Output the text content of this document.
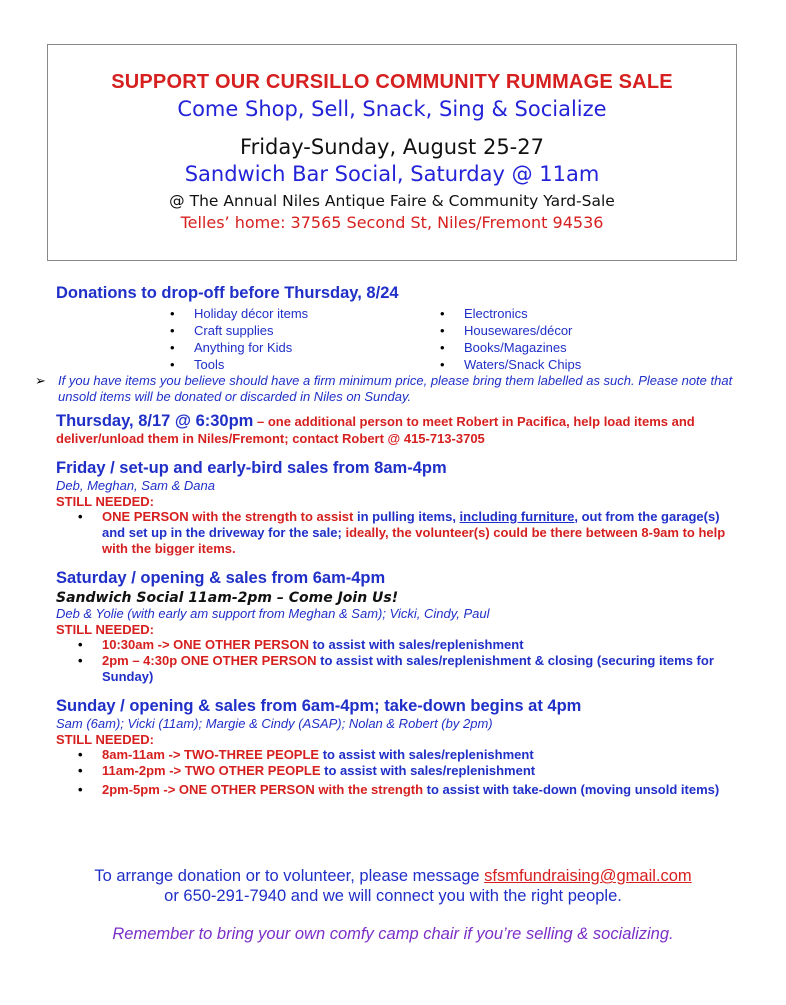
SUPPORT OUR CURSILLO COMMUNITY RUMMAGE SALE
Come Shop, Sell, Snack, Sing & Socialize
Friday-Sunday, August 25-27
Sandwich Bar Social, Saturday @ 11am
@ The Annual Niles Antique Faire & Community Yard-Sale
Telles’ home: 37565 Second St, Niles/Fremont 94536
Donations to drop-off before Thursday, 8/24
• Holiday décor items	• Electronics
• Craft supplies	• Housewares/décor
• Anything for Kids	• Books/Magazines
• Tools	• Waters/Snack Chips
➢ If you have items you believe should have a firm minimum price, please bring them labelled as such. Please note that unsold items will be donated or discarded in Niles on Sunday.
Thursday, 8/17 @ 6:30pm – one additional person to meet Robert in Pacifica, help load items and deliver/unload them in Niles/Fremont; contact Robert @ 415-713-3705
Friday / set-up and early-bird sales from 8am-4pm
Deb, Meghan, Sam & Dana
STILL NEEDED:
• ONE PERSON with the strength to assist in pulling items, including furniture, out from the garage(s) and set up in the driveway for the sale; ideally, the volunteer(s) could be there between 8-9am to help with the bigger items.
Saturday / opening & sales from 6am-4pm
Sandwich Social 11am-2pm – Come Join Us!
Deb & Yolie (with early am support from Meghan & Sam); Vicki, Cindy, Paul
STILL NEEDED:
• 10:30am -> ONE OTHER PERSON to assist with sales/replenishment
• 2pm – 4:30p ONE OTHER PERSON to assist with sales/replenishment & closing (securing items for Sunday)
Sunday / opening & sales from 6am-4pm; take-down begins at 4pm
Sam (6am); Vicki (11am); Margie & Cindy (ASAP); Nolan & Robert (by 2pm)
STILL NEEDED:
• 8am-11am -> TWO-THREE PEOPLE to assist with sales/replenishment
• 11am-2pm -> TWO OTHER PEOPLE to assist with sales/replenishment
• 2pm-5pm -> ONE OTHER PERSON with the strength to assist with take-down (moving unsold items)
To arrange donation or to volunteer, please message sfsmfundraising@gmail.com
or 650-291-7940 and we will connect you with the right people.
Remember to bring your own comfy camp chair if you’re selling & socializing.
